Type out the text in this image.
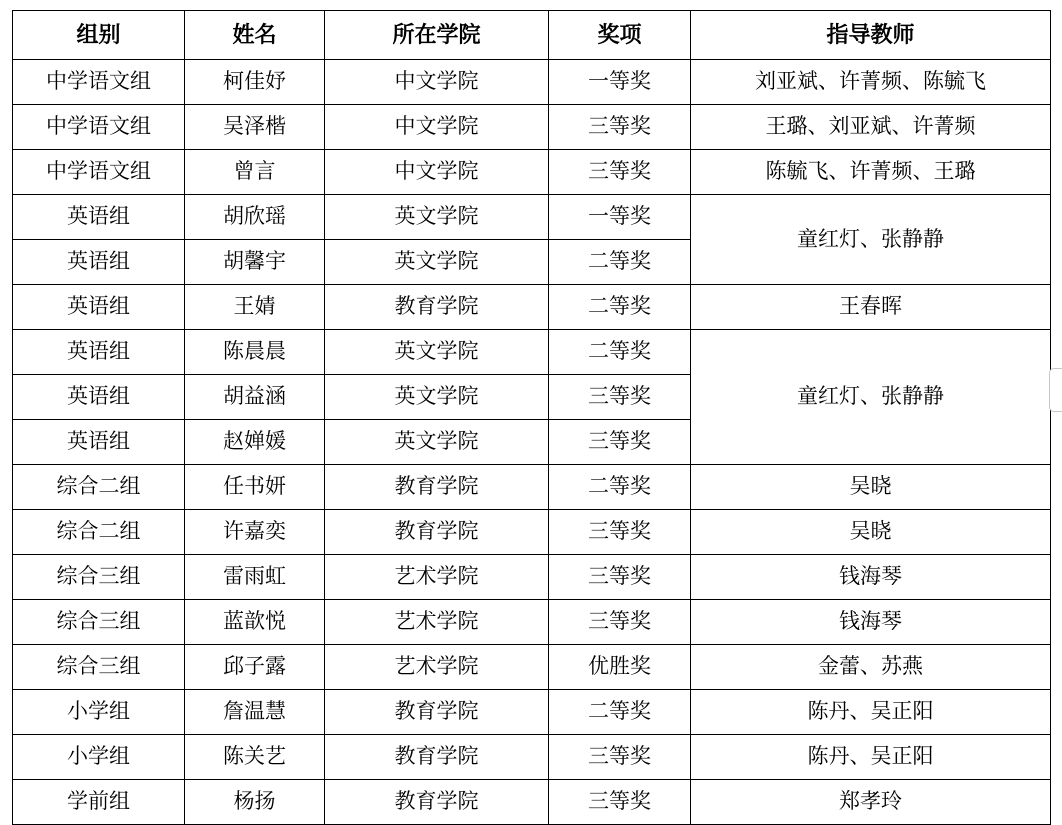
组别	姓名	所在学院	奖项	指导教师
中学语文组	柯佳妤	中文学院	一等奖	刘亚斌、许菁频、陈毓飞
中学语文组	吴泽楷	中文学院	三等奖	王璐、刘亚斌、许菁频
中学语文组	曾言	中文学院	三等奖	陈毓飞、许菁频、王璐
英语组	胡欣瑶	英文学院	一等奖	童红灯、张静静
英语组	胡馨宇	英文学院	二等奖	
英语组	王婧	教育学院	二等奖	王春晖
英语组	陈晨晨	英文学院	二等奖	童红灯、张静静
英语组	胡益涵	英文学院	三等奖	
英语组	赵婵媛	英文学院	三等奖	
综合二组	任书妍	教育学院	二等奖	吴晓
综合二组	许嘉奕	教育学院	三等奖	吴晓
综合三组	雷雨虹	艺术学院	三等奖	钱海琴
综合三组	蓝歆悦	艺术学院	三等奖	钱海琴
综合三组	邱子露	艺术学院	优胜奖	金蕾、苏燕
小学组	詹温慧	教育学院	二等奖	陈丹、吴正阳
小学组	陈关艺	教育学院	三等奖	陈丹、吴正阳
学前组	杨扬	教育学院	三等奖	郑孝玲
